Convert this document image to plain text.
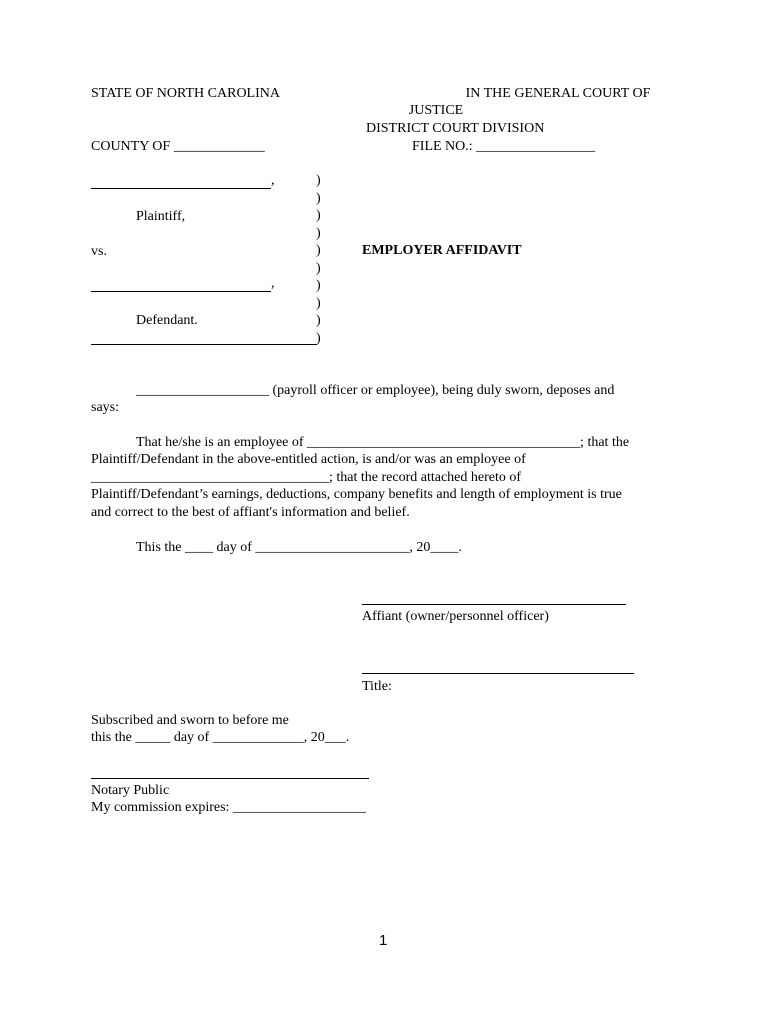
STATE OF NORTH CAROLINA	IN THE GENERAL COURT OF
JUSTICE
DISTRICT COURT DIVISION
COUNTY OF _____________	FILE NO.: _________________
,
Plaintiff,
vs.
,
Defendant.
)
)
)
)
)
)
)
)
)
)
EMPLOYER AFFIDAVIT
___________________ (payroll officer or employee), being duly sworn, deposes and
says:
That he/she is an employee of _______________________________________; that the
Plaintiff/Defendant in the above-entitled action, is and/or was an employee of
__________________________________; that the record attached hereto of
Plaintiff/Defendant’s earnings, deductions, company benefits and length of employment is true
and correct to the best of affiant's information and belief.
This the ____ day of ______________________, 20____.
Affiant (owner/personnel officer)
Title:
Subscribed and sworn to before me
this the _____ day of _____________, 20___.
Notary Public
My commission expires: ___________________
1
